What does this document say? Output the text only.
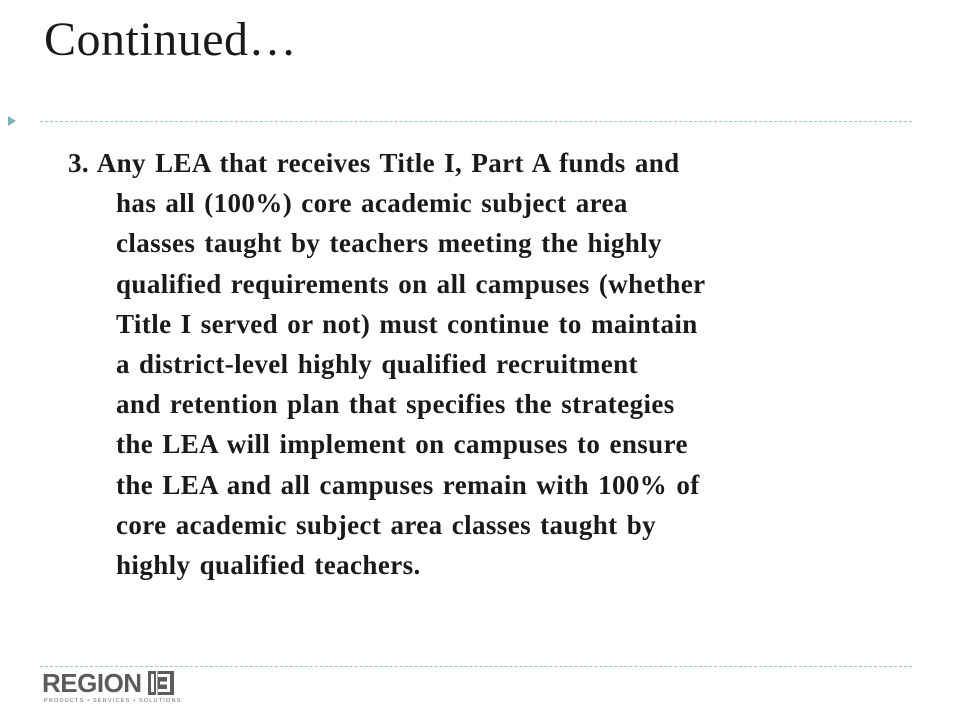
Continued…
3. Any LEA that receives Title I, Part A funds and
has all (100%) core academic subject area
classes taught by teachers meeting the highly
qualified requirements on all campuses (whether
Title I served or not) must continue to maintain
a district-level highly qualified recruitment
and retention plan that specifies the strategies
the LEA will implement on campuses to ensure
the LEA and all campuses remain with 100% of
core academic subject area classes taught by
highly qualified teachers.
REGION
PRODUCTS • SERVICES • SOLUTIONS
